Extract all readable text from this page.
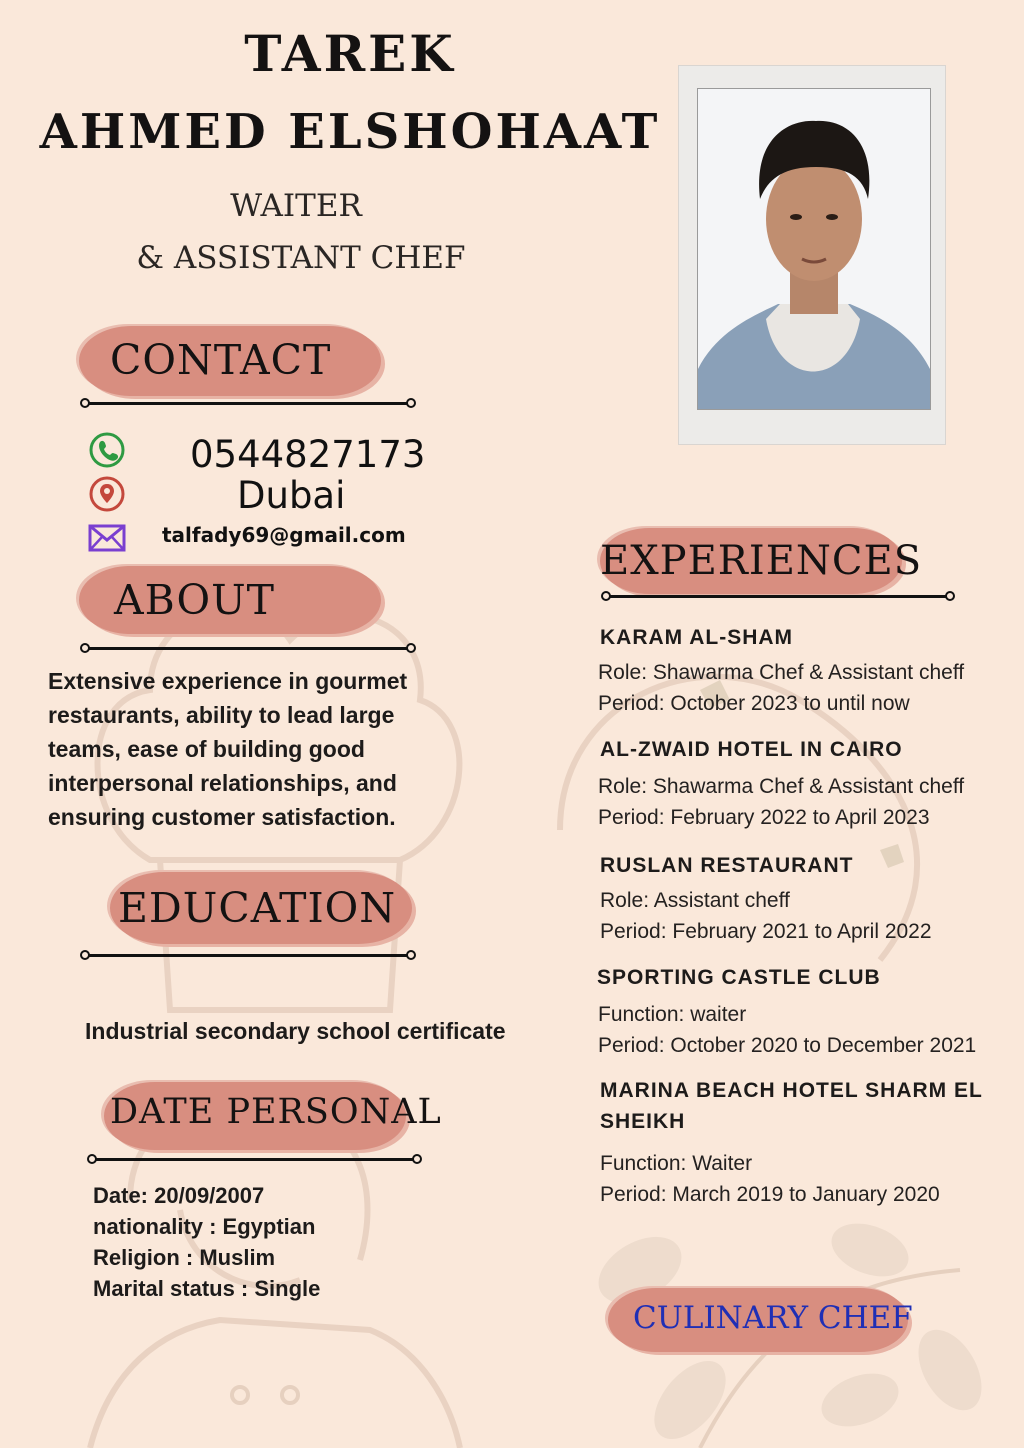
TAREK
AHMED ELSHOHAAT
WAITER
& ASSISTANT CHEF
CONTACT
0544827173
Dubai
talfady69@gmail.com
ABOUT
Extensive experience in gourmet restaurants, ability to lead large teams, ease of building good interpersonal relationships, and ensuring customer satisfaction.
EDUCATION
Industrial secondary school certificate
DATE PERSONAL
Date: 20/09/2007
nationality : Egyptian
Religion : Muslim
Marital status : Single
EXPERIENCES
KARAM AL-SHAM
Role: Shawarma Chef & Assistant cheff
Period: October 2023 to until now
AL-ZWAID HOTEL IN CAIRO
Role: Shawarma Chef & Assistant cheff
Period: February 2022 to April 2023
RUSLAN RESTAURANT
Role: Assistant cheff
Period: February 2021 to April 2022
SPORTING CASTLE CLUB
Function: waiter
Period: October 2020 to December 2021
MARINA BEACH HOTEL SHARM EL
SHEIKH
Function: Waiter
Period: March 2019 to January 2020
CULINARY CHEF
